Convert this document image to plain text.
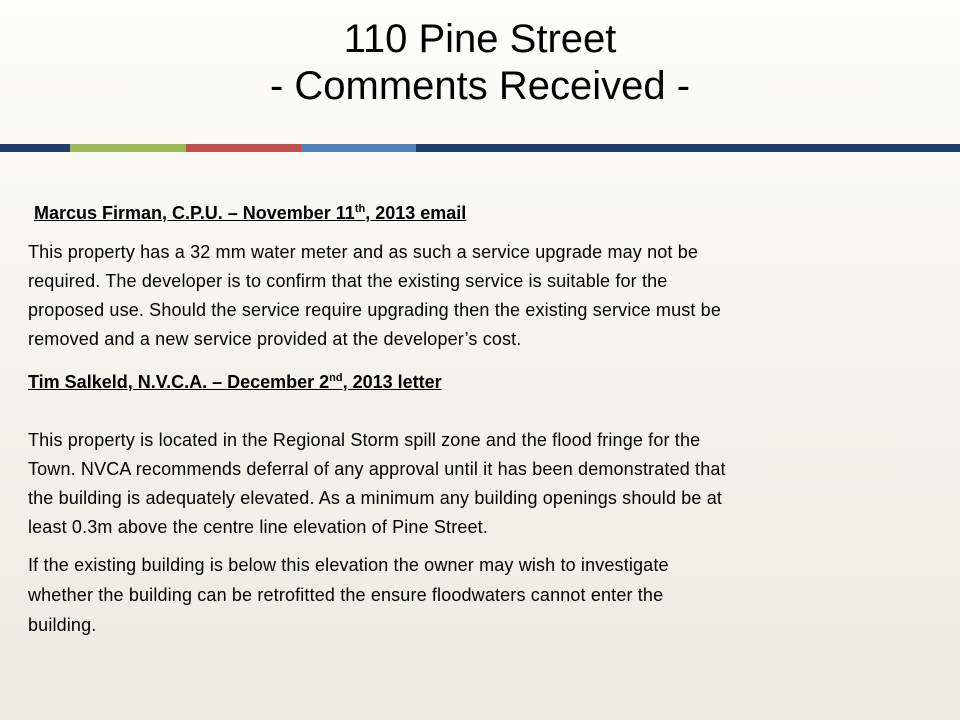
110 Pine Street
- Comments Received -
Marcus Firman, C.P.U. – November 11th, 2013 email
This property has a 32 mm water meter and as such a service upgrade may not be
required. The developer is to confirm that the existing service is suitable for the
proposed use. Should the service require upgrading then the existing service must be
removed and a new service provided at the developer’s cost.
Tim Salkeld, N.V.C.A. – December 2nd, 2013 letter
This property is located in the Regional Storm spill zone and the flood fringe for the
Town. NVCA recommends deferral of any approval until it has been demonstrated that
the building is adequately elevated. As a minimum any building openings should be at
least 0.3m above the centre line elevation of Pine Street.
If the existing building is below this elevation the owner may wish to investigate
whether the building can be retrofitted the ensure floodwaters cannot enter the
building.
